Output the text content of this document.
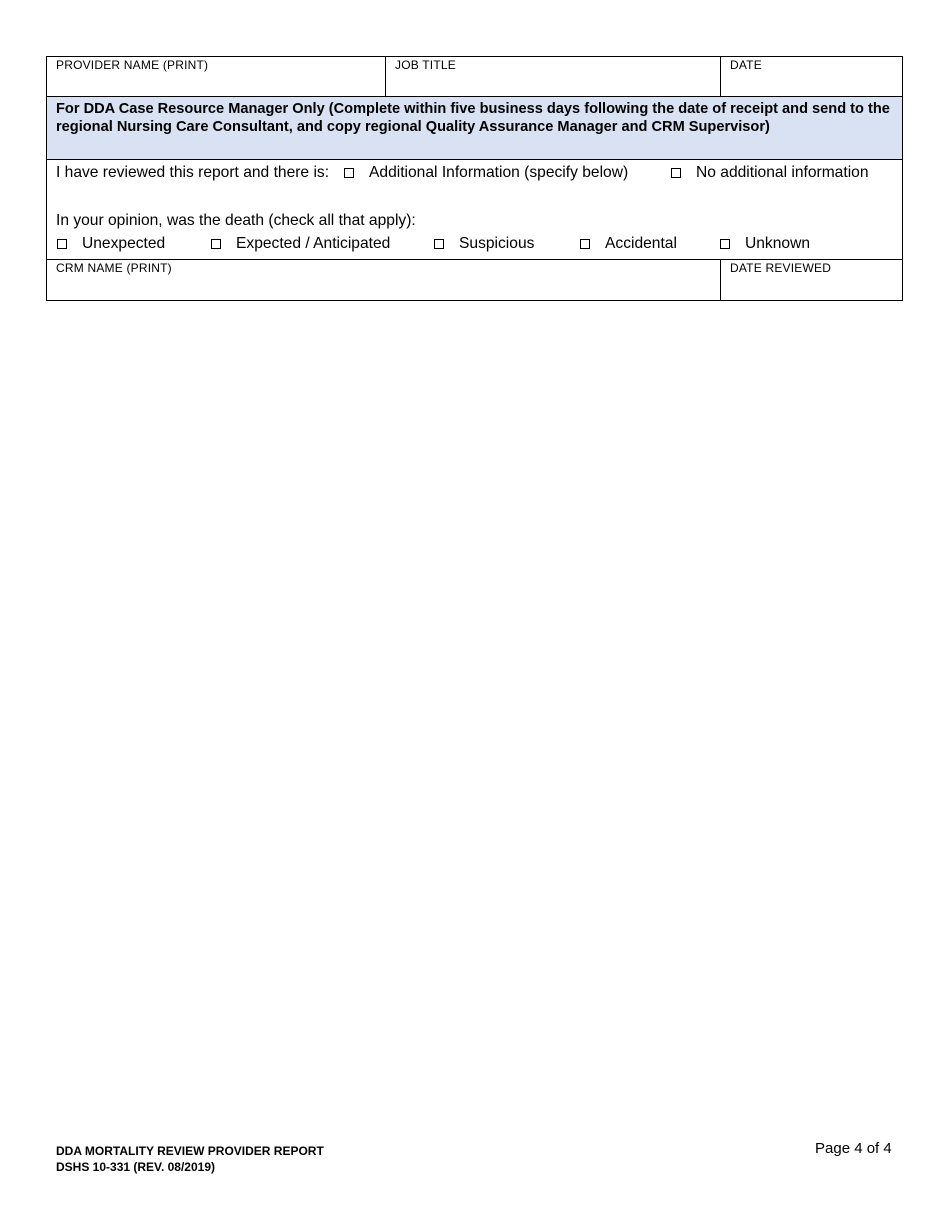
PROVIDER NAME (PRINT)	JOB TITLE	DATE
For DDA Case Resource Manager Only (Complete within five business days following the date of receipt and send to the regional Nursing Care Consultant, and copy regional Quality Assurance Manager and CRM Supervisor)
I have reviewed this report and there is:	Additional Information (specify below)	No additional information
In your opinion, was the death (check all that apply):
Unexpected	Expected / Anticipated	Suspicious	Accidental	Unknown
CRM NAME (PRINT)	DATE REVIEWED
DDA MORTALITY REVIEW PROVIDER REPORT
DSHS 10-331 (REV. 08/2019)
Page 4 of 4
